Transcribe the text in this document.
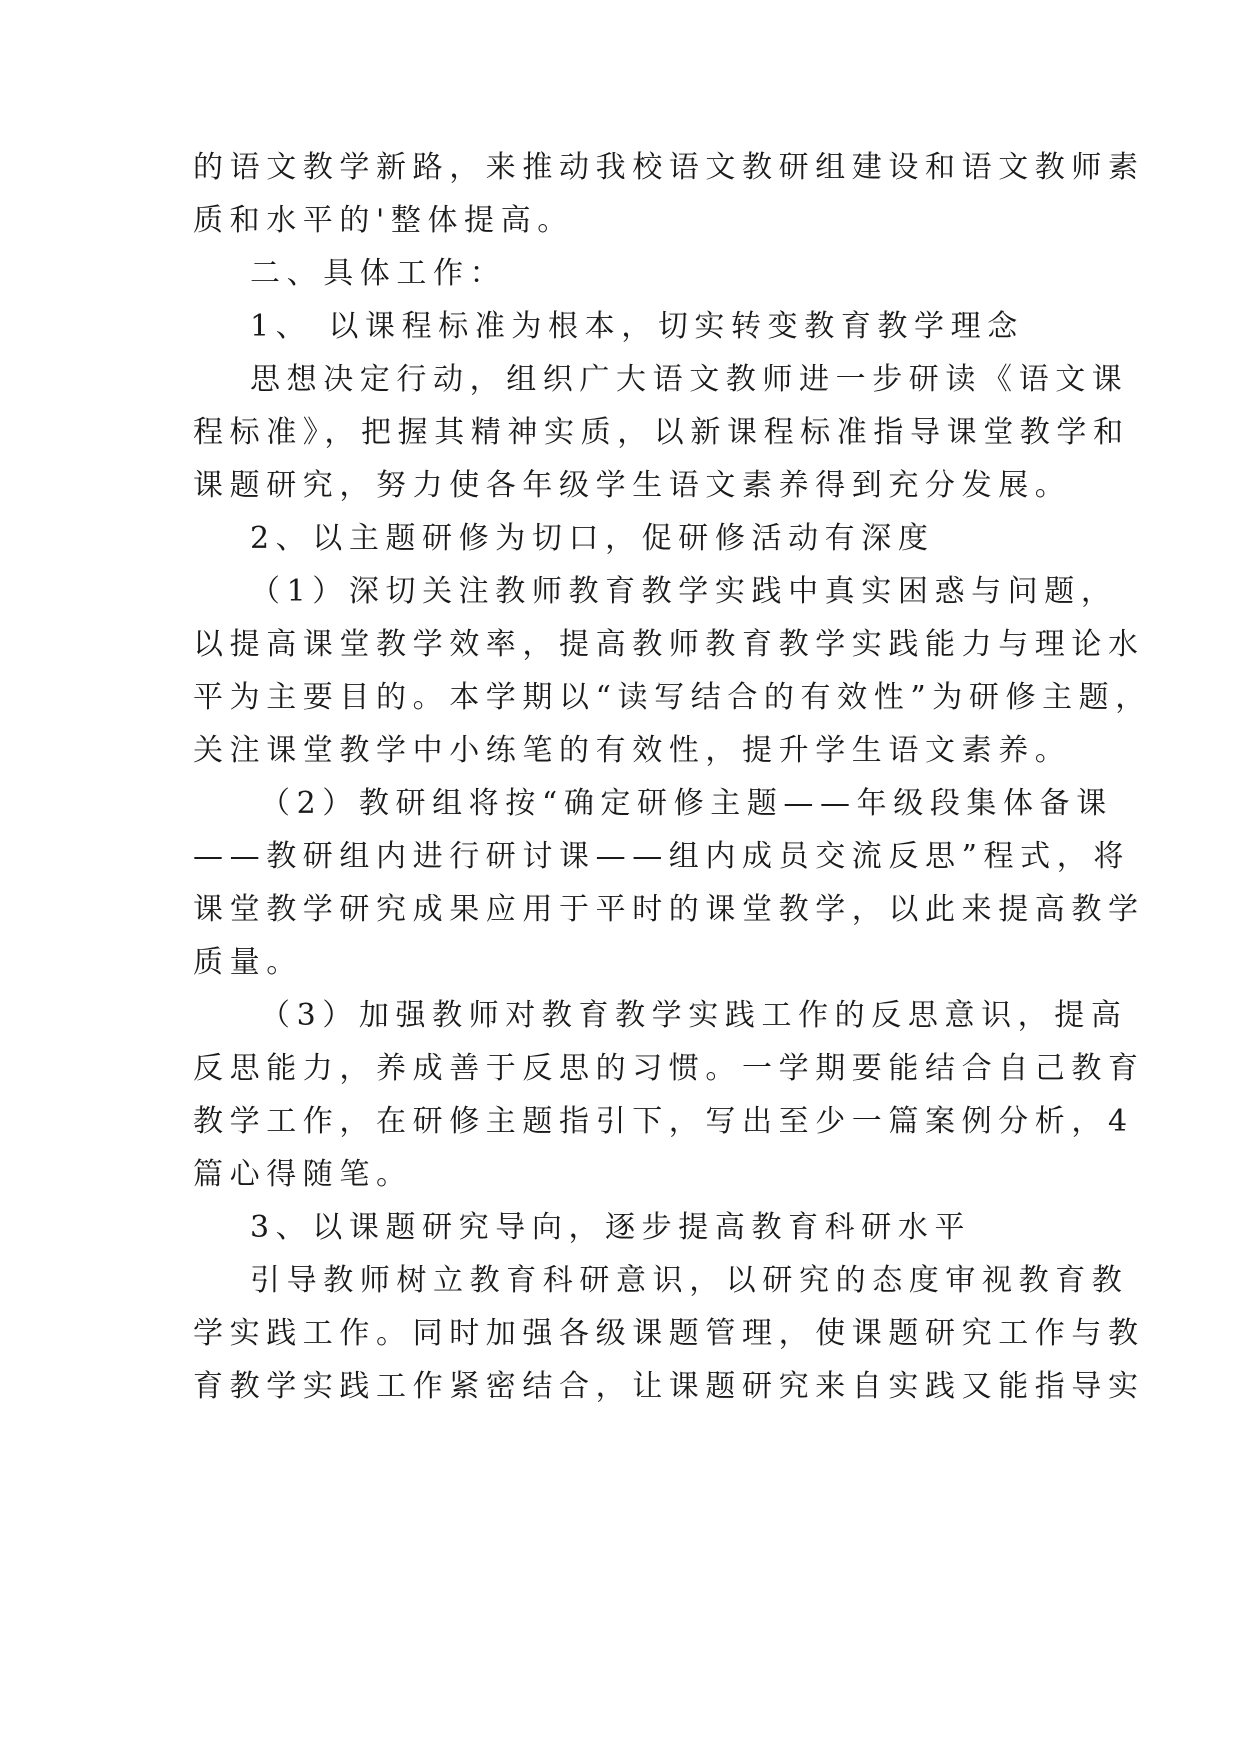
的语文教学新路，来推动我校语文教研组建设和语文教师素
质和水平的'整体提高。
二、具体工作：
1、 以课程标准为根本，切实转变教育教学理念
思想决定行动，组织广大语文教师进一步研读《语文课
程标准》，把握其精神实质，以新课程标准指导课堂教学和
课题研究，努力使各年级学生语文素养得到充分发展。
2、以主题研修为切口，促研修活动有深度
（1）深切关注教师教育教学实践中真实困惑与问题，
以提高课堂教学效率，提高教师教育教学实践能力与理论水
平为主要目的。本学期以“读写结合的有效性”为研修主题，
关注课堂教学中小练笔的有效性，提升学生语文素养。
（2）教研组将按“确定研修主题——年级段集体备课
——教研组内进行研讨课——组内成员交流反思”程式，将
课堂教学研究成果应用于平时的课堂教学，以此来提高教学
质量。
（3）加强教师对教育教学实践工作的反思意识，提高
反思能力，养成善于反思的习惯。一学期要能结合自己教育
教学工作，在研修主题指引下，写出至少一篇案例分析，4
篇心得随笔。
3、以课题研究导向，逐步提高教育科研水平
引导教师树立教育科研意识，以研究的态度审视教育教
学实践工作。同时加强各级课题管理，使课题研究工作与教
育教学实践工作紧密结合，让课题研究来自实践又能指导实
